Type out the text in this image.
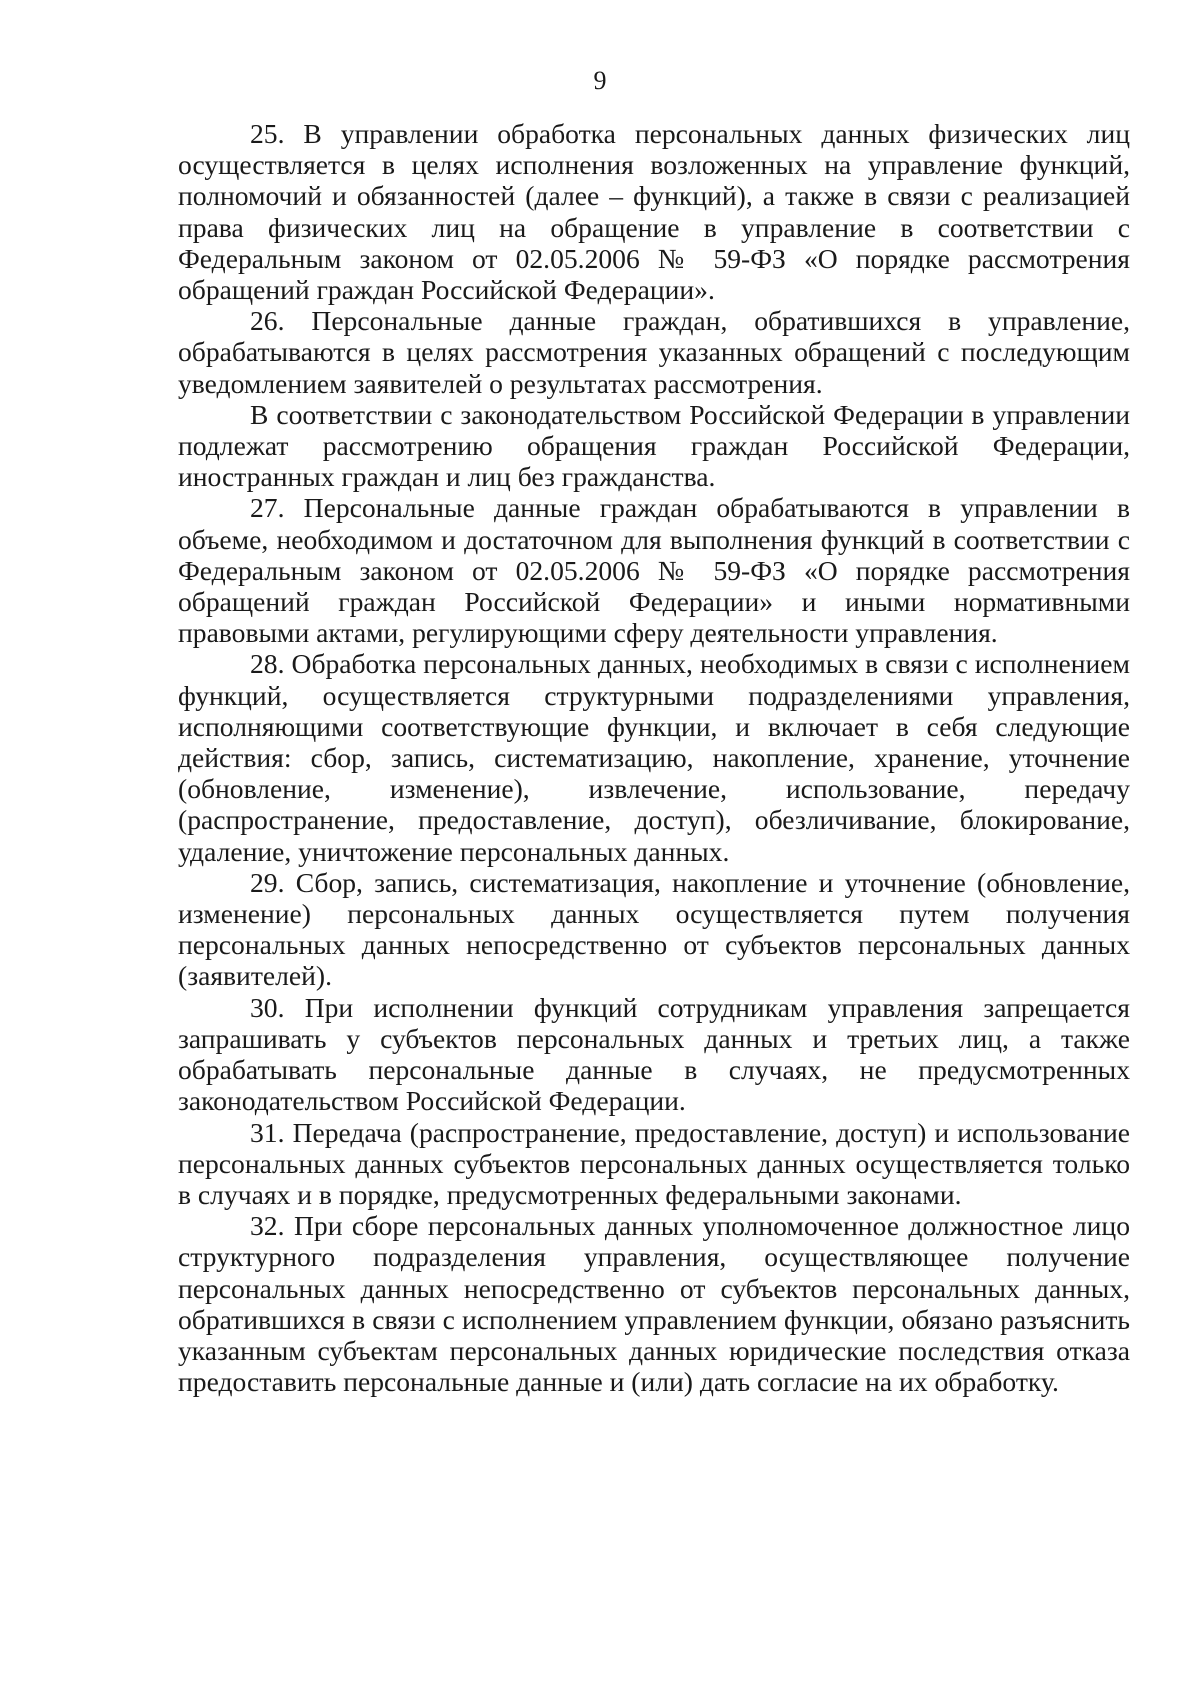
9

25. В управлении обработка персональных данных физических лиц осуществляется в целях исполнения возложенных на управление функций, полномочий и обязанностей (далее – функций), а также в связи с реализацией права физических лиц на обращение в управление в соответствии с Федеральным законом от 02.05.2006 № 59-ФЗ «О порядке рассмотрения обращений граждан Российской Федерации».

26. Персональные данные граждан, обратившихся в управление, обрабатываются в целях рассмотрения указанных обращений с последующим уведомлением заявителей о результатах рассмотрения.

В соответствии с законодательством Российской Федерации в управлении подлежат рассмотрению обращения граждан Российской Федерации, иностранных граждан и лиц без гражданства.

27. Персональные данные граждан обрабатываются в управлении в объеме, необходимом и достаточном для выполнения функций в соответствии с Федеральным законом от 02.05.2006 № 59-ФЗ «О порядке рассмотрения обращений граждан Российской Федерации» и иными нормативными правовыми актами, регулирующими сферу деятельности управления.

28. Обработка персональных данных, необходимых в связи с исполнением функций, осуществляется структурными подразделениями управления, исполняющими соответствующие функции, и включает в себя следующие действия: сбор, запись, систематизацию, накопление, хранение, уточнение (обновление, изменение), извлечение, использование, передачу (распространение, предоставление, доступ), обезличивание, блокирование, удаление, уничтожение персональных данных.

29. Сбор, запись, систематизация, накопление и уточнение (обновление, изменение) персональных данных осуществляется путем получения персональных данных непосредственно от субъектов персональных данных (заявителей).

30. При исполнении функций сотрудникам управления запрещается запрашивать у субъектов персональных данных и третьих лиц, а также обрабатывать персональные данные в случаях, не предусмотренных законодательством Российской Федерации.

31. Передача (распространение, предоставление, доступ) и использование персональных данных субъектов персональных данных осуществляется только в случаях и в порядке, предусмотренных федеральными законами.

32. При сборе персональных данных уполномоченное должностное лицо структурного подразделения управления, осуществляющее получение персональных данных непосредственно от субъектов персональных данных, обратившихся в связи с исполнением управлением функции, обязано разъяснить указанным субъектам персональных данных юридические последствия отказа предоставить персональные данные и (или) дать согласие на их обработку.
